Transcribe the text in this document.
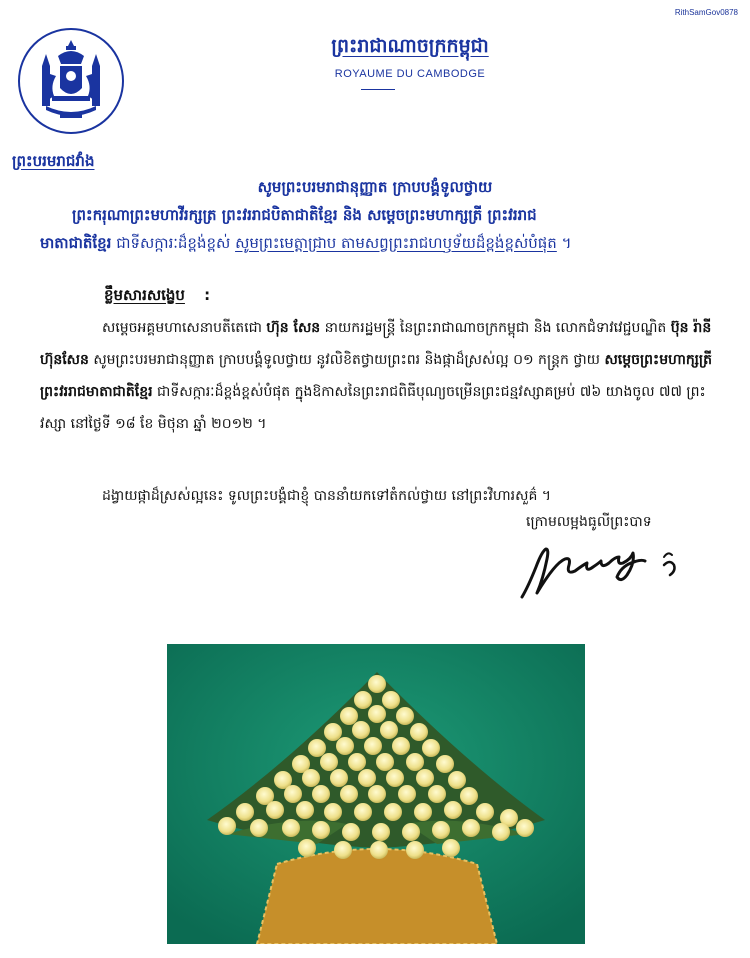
RithSamGov0878
ព្រះរាជាណាចក្រកម្ពុជា
ROYAUME DU CAMBODGE
ព្រះបរមរាជវាំង
សូមព្រះបរមរាជានុញ្ញាត ក្រាបបង្គំទូលថ្វាយ
ព្រះករុណាព្រះមហាវីរក្សត្រ ព្រះវររាជបិតាជាតិខ្មែរ និង សម្តេចព្រះមហាក្សត្រី ព្រះវររាជ
មាតាជាតិខ្មែរ ជាទីសក្ការៈដ៏ខ្ពង់ខ្ពស់ សូមព្រះមេត្តាជ្រាប តាមសព្វព្រះរាជហឫទ័យដ៏ខ្ពង់ខ្ពស់បំផុត ។
ខ្លឹមសារសង្ខេប :
សម្តេចអគ្គមហាសេនាបតីតេជោ ហ៊ុន សែន នាយករដ្ឋមន្ត្រី នៃព្រះរាជាណាចក្រកម្ពុជា និង លោកជំទាវវេជ្ជបណ្ឌិត ប៊ុន រ៉ានី ហ៊ុនសែន សូមព្រះបរមរាជានុញ្ញាត ក្រាបបង្គំទូលថ្វាយ នូវលិខិតថ្វាយព្រះពរ និងផ្កាដ៏ស្រស់ល្អ ០១ កន្ត្រក ថ្វាយ សម្តេចព្រះមហាក្សត្រី ព្រះវររាជមាតាជាតិខ្មែរ ជាទីសក្ការៈដ៏ខ្ពង់ខ្ពស់បំផុត ក្នុងឱកាសនៃព្រះរាជពិធីបុណ្យចម្រើនព្រះជន្មវស្សាគម្រប់ ៧៦ យាងចូល ៧៧ ព្រះវស្សា នៅថ្ងៃទី ១៨ ខែ មិថុនា ឆ្នាំ ២០១២ ។
ដង្វាយផ្កាដ៏ស្រស់ល្អនេះ ទូលព្រះបង្គំជាខ្ញុំ បាននាំយកទៅតំកល់ថ្វាយ នៅព្រះវិហារសួគ៌ ។
ក្រោមលម្អងធូលីព្រះបាទ
